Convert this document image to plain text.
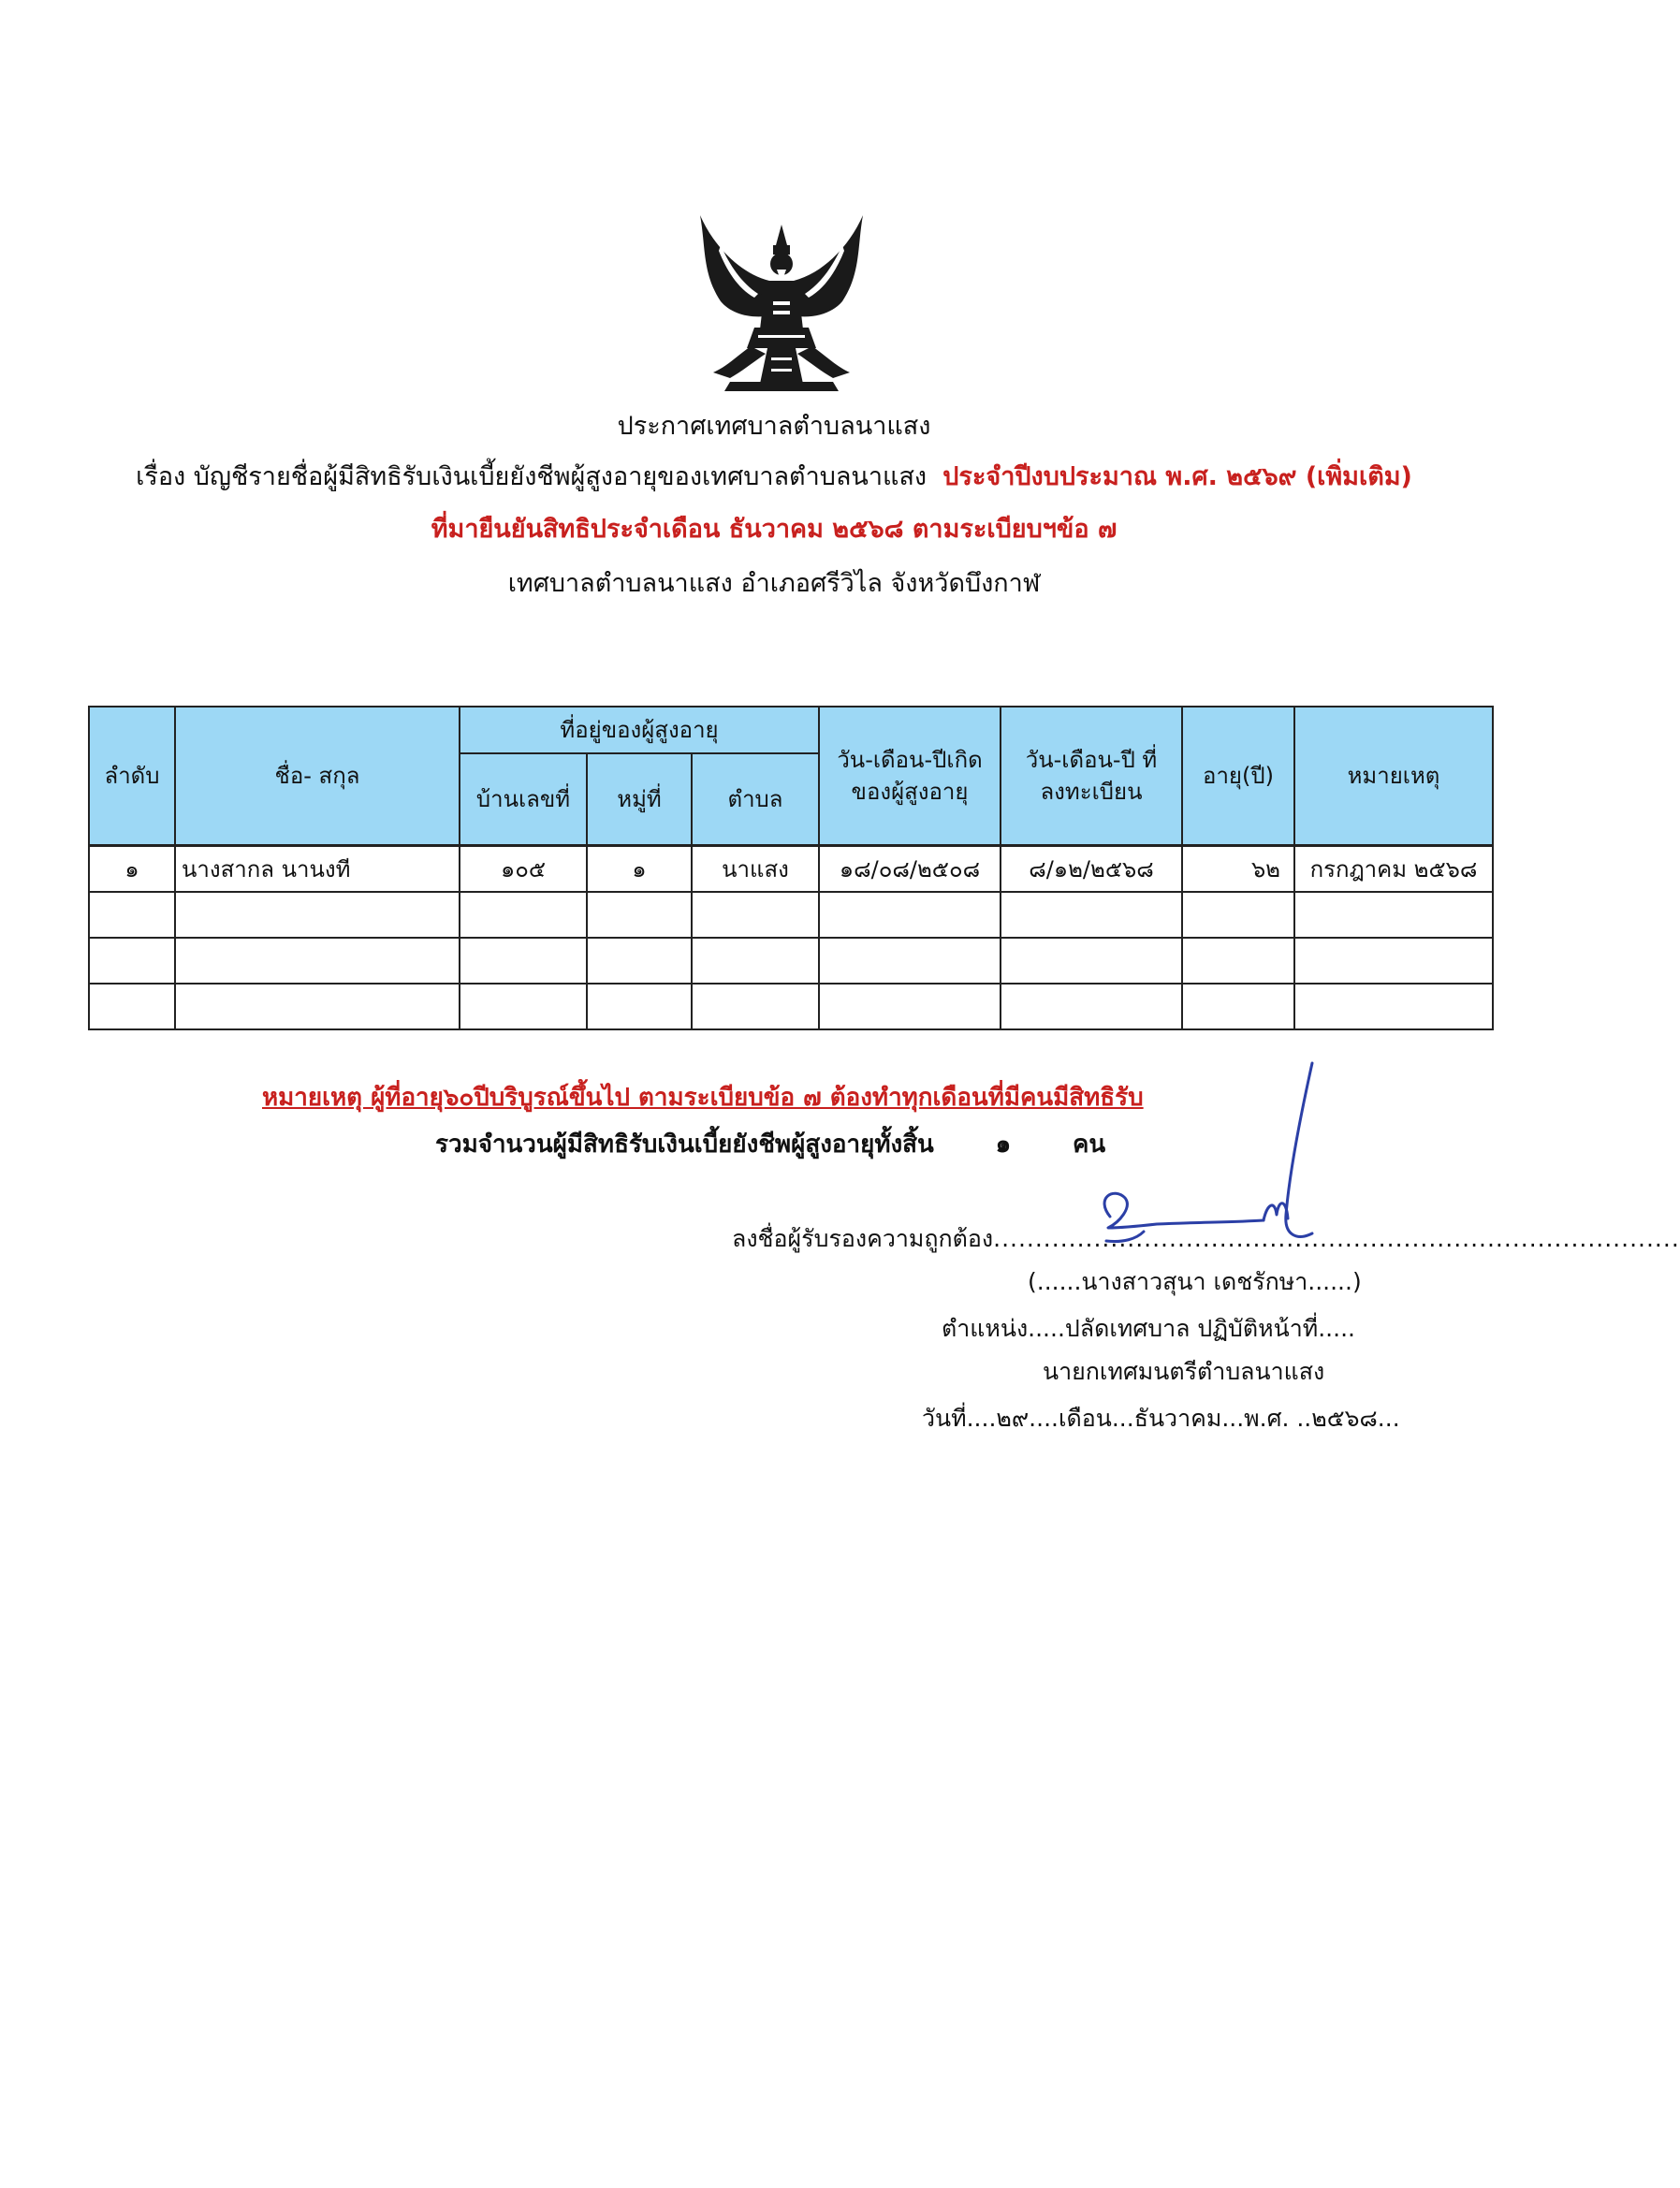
ประกาศเทศบาลตำบลนาแสง
เรื่อง บัญชีรายชื่อผู้มีสิทธิรับเงินเบี้ยยังชีพผู้สูงอายุของเทศบาลตำบลนาแสง ประจำปีงบประมาณ พ.ศ. ๒๕๖๙ (เพิ่มเติม)
ที่มายืนยันสิทธิประจำเดือน ธันวาคม ๒๕๖๘ ตามระเบียบฯข้อ ๗
เทศบาลตำบลนาแสง อำเภอศรีวิไล จังหวัดบึงกาฬ
ลำดับ	ชื่อ- สกุล	ที่อยู่ของผู้สูงอายุ			วัน-เดือน-ปีเกิด
ของผู้สูงอายุ	วัน-เดือน-ปี ที่
ลงทะเบียน	อายุ(ปี)	หมายเหตุ
		บ้านเลขที่	หมู่ที่	ตำบล				
๑	นางสากล นานงที	๑๐๕	๑	นาแสง	๑๘/๐๘/๒๕๐๘	๘/๑๒/๒๕๖๘	๖๒	กรกฎาคม ๒๕๖๘

หมายเหตุ ผู้ที่อายุ๖๐ปีบริบูรณ์ขึ้นไป ตามระเบียบข้อ ๗ ต้องทำทุกเดือนที่มีคนมีสิทธิรับ
รวมจำนวนผู้มีสิทธิรับเงินเบี้ยยังชีพผู้สูงอายุทั้งสิ้น	๑	คน
ลงชื่อผู้รับรองความถูกต้อง..................................................................................
(......นางสาวสุนา เดชรักษา......)
ตำแหน่ง.....ปลัดเทศบาล ปฏิบัติหน้าที่.....
นายกเทศมนตรีตำบลนาแสง
วันที่....๒๙....เดือน...ธันวาคม...พ.ศ. ..๒๕๖๘...
